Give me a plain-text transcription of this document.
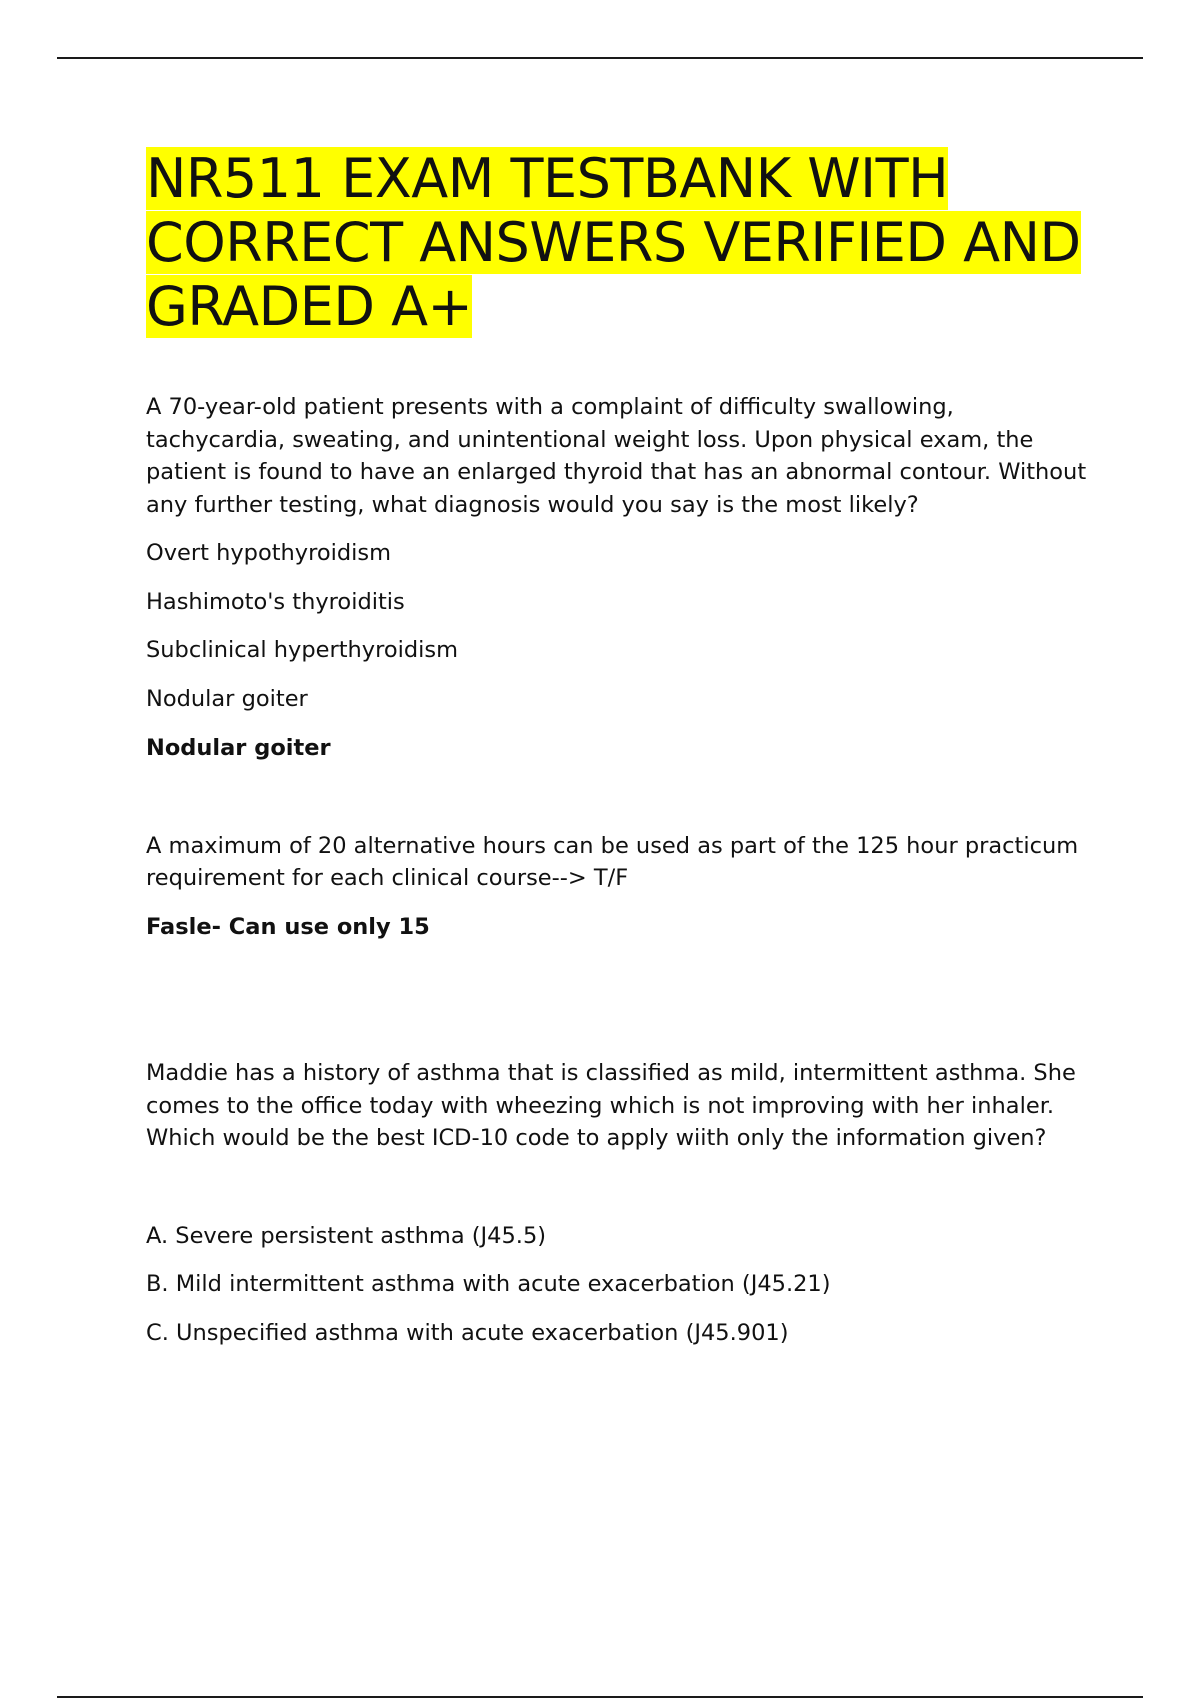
NR511 EXAM TESTBANK WITH CORRECT ANSWERS VERIFIED AND GRADED A+

A 70-year-old patient presents with a complaint of difficulty swallowing, tachycardia, sweating, and unintentional weight loss. Upon physical exam, the patient is found to have an enlarged thyroid that has an abnormal contour. Without any further testing, what diagnosis would you say is the most likely?

Overt hypothyroidism

Hashimoto's thyroiditis

Subclinical hyperthyroidism

Nodular goiter

Nodular goiter

A maximum of 20 alternative hours can be used as part of the 125 hour practicum requirement for each clinical course--> T/F

Fasle- Can use only 15

Maddie has a history of asthma that is classified as mild, intermittent asthma. She comes to the office today with wheezing which is not improving with her inhaler. Which would be the best ICD-10 code to apply wiith only the information given?

A. Severe persistent asthma (J45.5)

B. Mild intermittent asthma with acute exacerbation (J45.21)

C. Unspecified asthma with acute exacerbation (J45.901)
